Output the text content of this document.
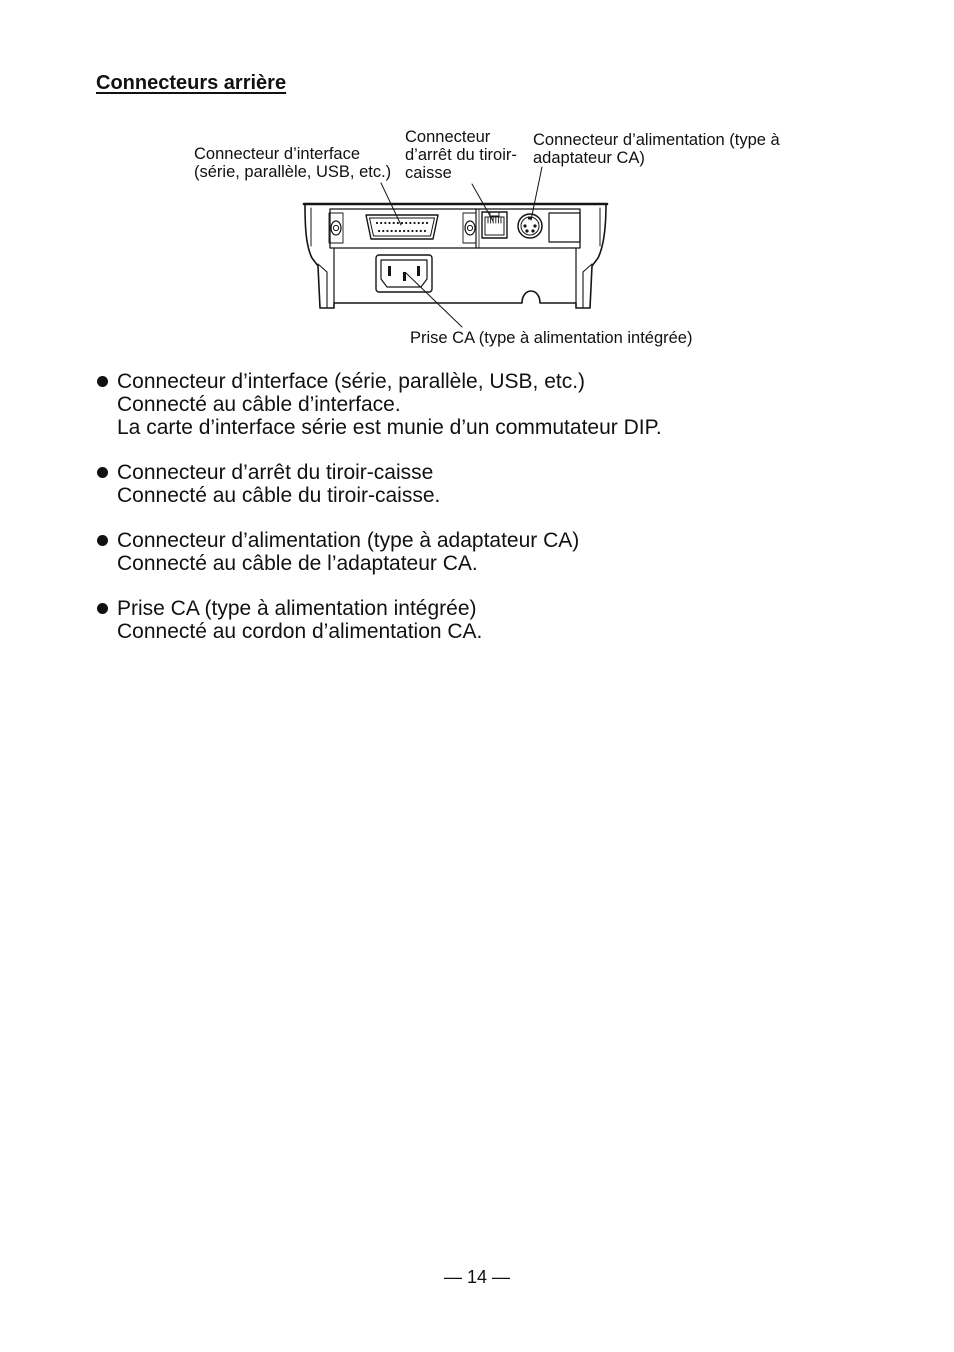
Connecteurs arrière
Connecteur d’interface
(série, parallèle, USB, etc.)
Connecteur
d’arrêt du tiroir-
caisse
Connecteur d’alimentation (type à
adaptateur CA)
Prise CA (type à alimentation intégrée)
Connecteur d’interface (série, parallèle, USB, etc.)
Connecté au câble d’interface.
La carte d’interface série est munie d’un commutateur DIP.
Connecteur d’arrêt du tiroir-caisse
Connecté au câble du tiroir-caisse.
Connecteur d’alimentation (type à adaptateur CA)
Connecté au câble de l’adaptateur CA.
Prise CA (type à alimentation intégrée)
Connecté au cordon d’alimentation CA.
— 14 —
